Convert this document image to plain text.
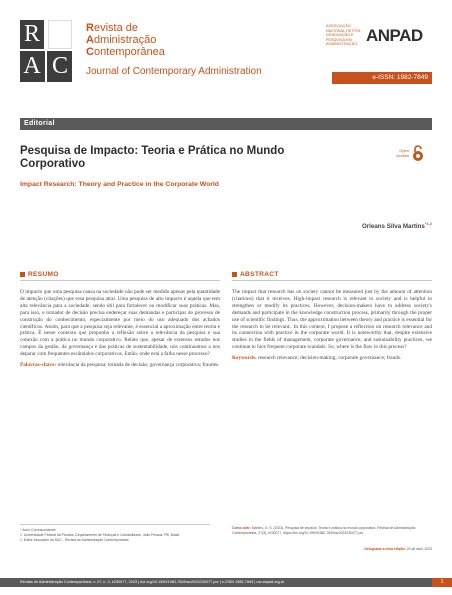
R
A C
Revista de
Administração
Contemporânea
Journal of Contemporary Administration
ASSOCIAÇÃO NACIONAL DE PÓS-GRADUAÇÃO E PESQUISA EM ADMINISTRAÇÃO ANPAD
e-ISSN: 1982-7849
Editorial
Pesquisa de Impacto: Teoria e Prática no Mundo Corporativo
Impact Research: Theory and Practice in the Corporate World
Open Access
Orleans Silva Martins$^{*1,2}$
RESUMO

O impacto que uma pesquisa causa na sociedade não pode ser medido apenas pela quantidade de atenção (citações) que essa pesquisa atrai. Uma pesquisa de alto impacto é aquela que tem alta relevância para a sociedade, sendo útil para fortalecer ou modificar suas práticas. Mas, para isso, o tomador de decisão precisa endereçar suas demandas e participar do processo de construção do conhecimento, especialmente por meio do uso adequado dos achados científicos. Assim, para que a pesquisa seja relevante, é essencial a aproximação entre teoria e prática. É nesse contexto que proponho a reflexão sobre a relevância da pesquisa e sua conexão com a prática no mundo corporativo. Relato que, apesar de extensos estudos nos campos da gestão, da governança e das práticas de sustentabilidade, nós continuamos a nos deparar com frequentes escândalos corporativos. Então, onde está a falha nesse processo?

Palavras-chave: relevância da pesquisa; tomada de decisão; governança corporativa; fraudes.

ABSTRACT

The impact that research has on society cannot be measured just by the amount of attention (citations) that it receives. High-impact research is relevant to society and is helpful to strengthen or modify its practices. However, decision-makers have to address society's demands and participate in the knowledge construction process, primarily through the proper use of scientific findings. Thus, the approximation between theory and practice is essential for the research to be relevant.. In this context, I propose a reflection on research relevance and its connection with practice in the corporate world. It is noteworthy that, despite extensive studies in the fields of management, corporate governance, and sustainability practices, we continue to face frequent corporate scandals. So, where is the flaw in this process?

Keywords: research relevance; decision-making; corporate governance; frauds.

* Autor Correspondente.
1. Universidade Federal da Paraíba, Departamento de Finanças e Contabilidade, João Pessoa, PB, Brasil.
2. Editor Associado da RAC - Revista de Administração Contemporânea.
Como citar: Martins, O. S. (2023). Pesquisa de impacto: Teoria e prática no mundo corporativo. Revista de Administração Contemporânea, 27(3), e230077. https://doi.org/10.1590/1982-7849rac2023230077.por
Designado a essa edição: 20 de abril, 2023
Revista de Administração Contemporânea, v. 27, n. 3, e230077, 2023 | doi.org/10.1590/1982-7849rac2023230077.por | e-ISSN 1982-7849 | rac.anpad.org.br	1
